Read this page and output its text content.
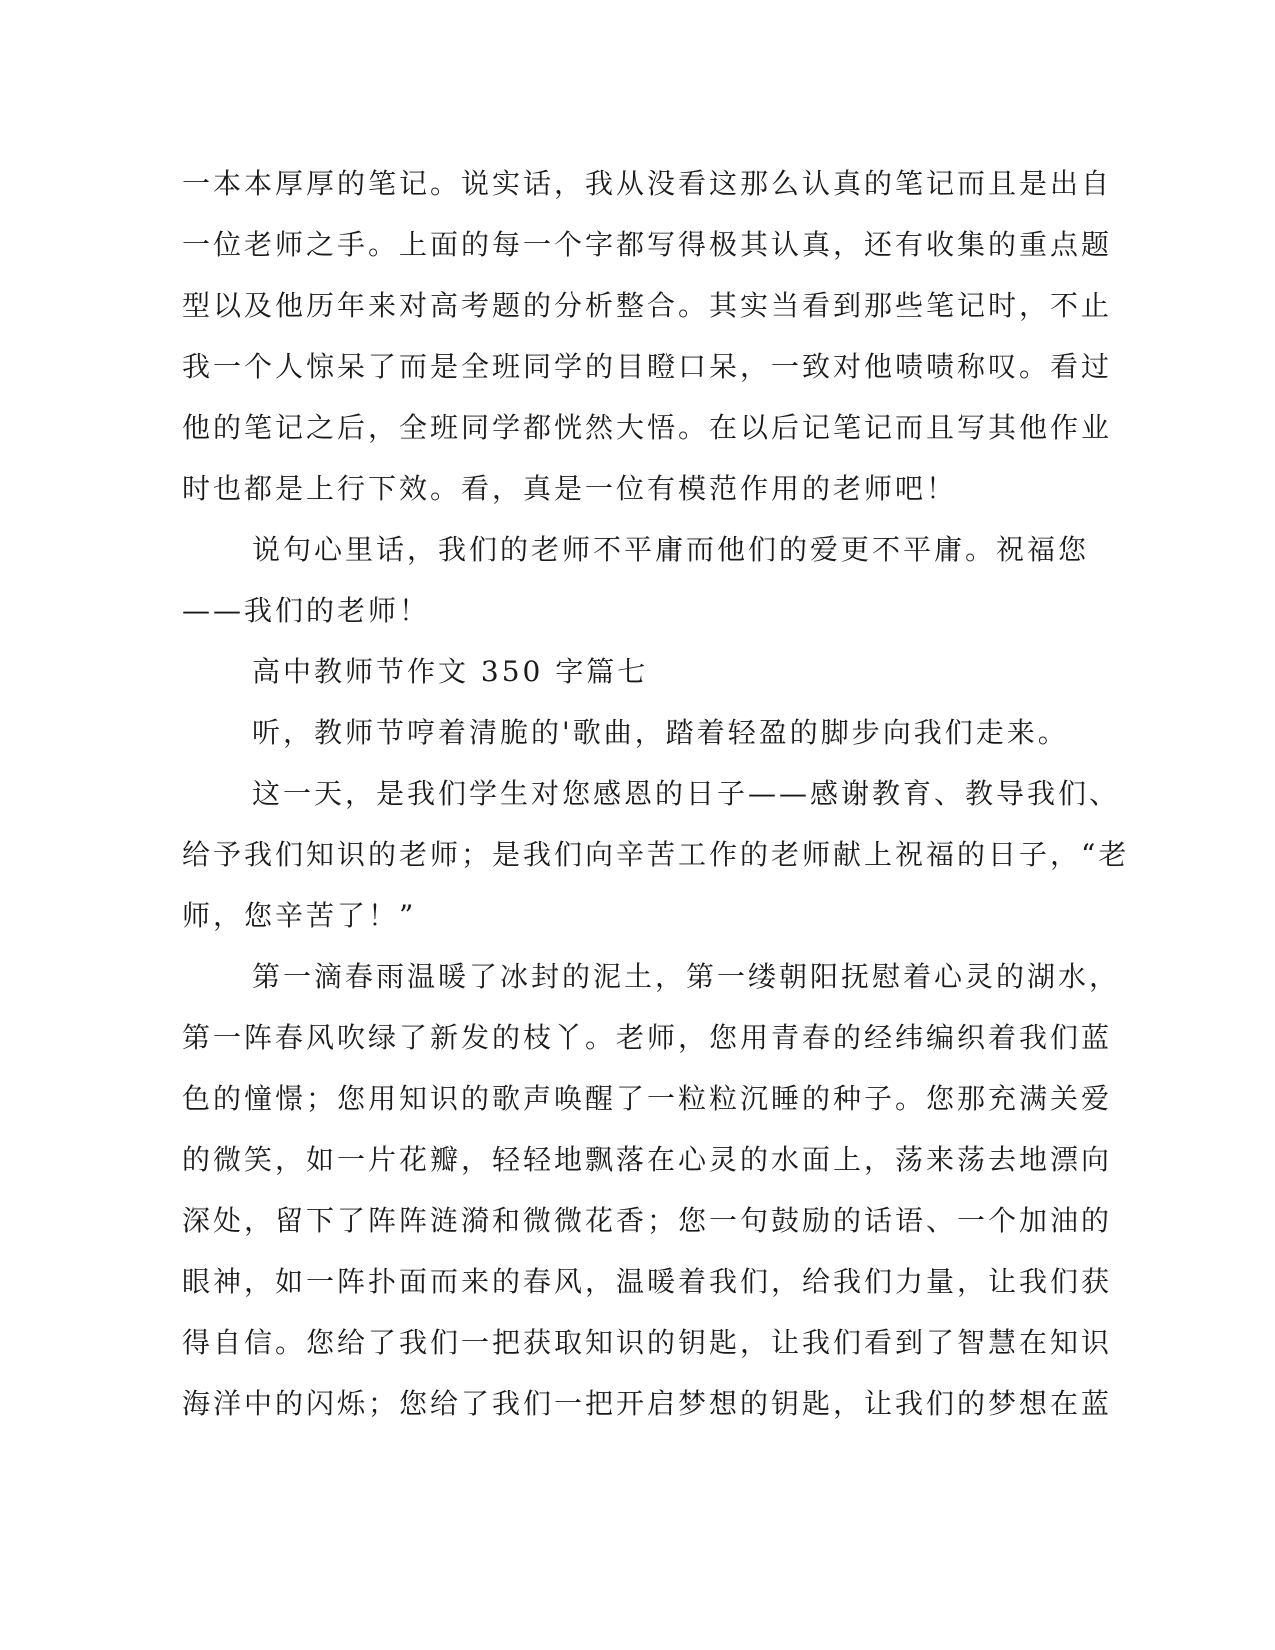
一本本厚厚的笔记。说实话，我从没看这那么认真的笔记而且是出自
一位老师之手。上面的每一个字都写得极其认真，还有收集的重点题
型以及他历年来对高考题的分析整合。其实当看到那些笔记时，不止
我一个人惊呆了而是全班同学的目瞪口呆，一致对他啧啧称叹。看过
他的笔记之后，全班同学都恍然大悟。在以后记笔记而且写其他作业
时也都是上行下效。看，真是一位有模范作用的老师吧！
说句心里话，我们的老师不平庸而他们的爱更不平庸。祝福您
——我们的老师！
高中教师节作文 350 字篇七
听，教师节哼着清脆的'歌曲，踏着轻盈的脚步向我们走来。
这一天，是我们学生对您感恩的日子——感谢教育、教导我们、
给予我们知识的老师；是我们向辛苦工作的老师献上祝福的日子，“老
师，您辛苦了！”
第一滴春雨温暖了冰封的泥土，第一缕朝阳抚慰着心灵的湖水，
第一阵春风吹绿了新发的枝丫。老师，您用青春的经纬编织着我们蓝
色的憧憬；您用知识的歌声唤醒了一粒粒沉睡的种子。您那充满关爱
的微笑，如一片花瓣，轻轻地飘落在心灵的水面上，荡来荡去地漂向
深处，留下了阵阵涟漪和微微花香；您一句鼓励的话语、一个加油的
眼神，如一阵扑面而来的春风，温暖着我们，给我们力量，让我们获
得自信。您给了我们一把获取知识的钥匙，让我们看到了智慧在知识
海洋中的闪烁；您给了我们一把开启梦想的钥匙，让我们的梦想在蓝
